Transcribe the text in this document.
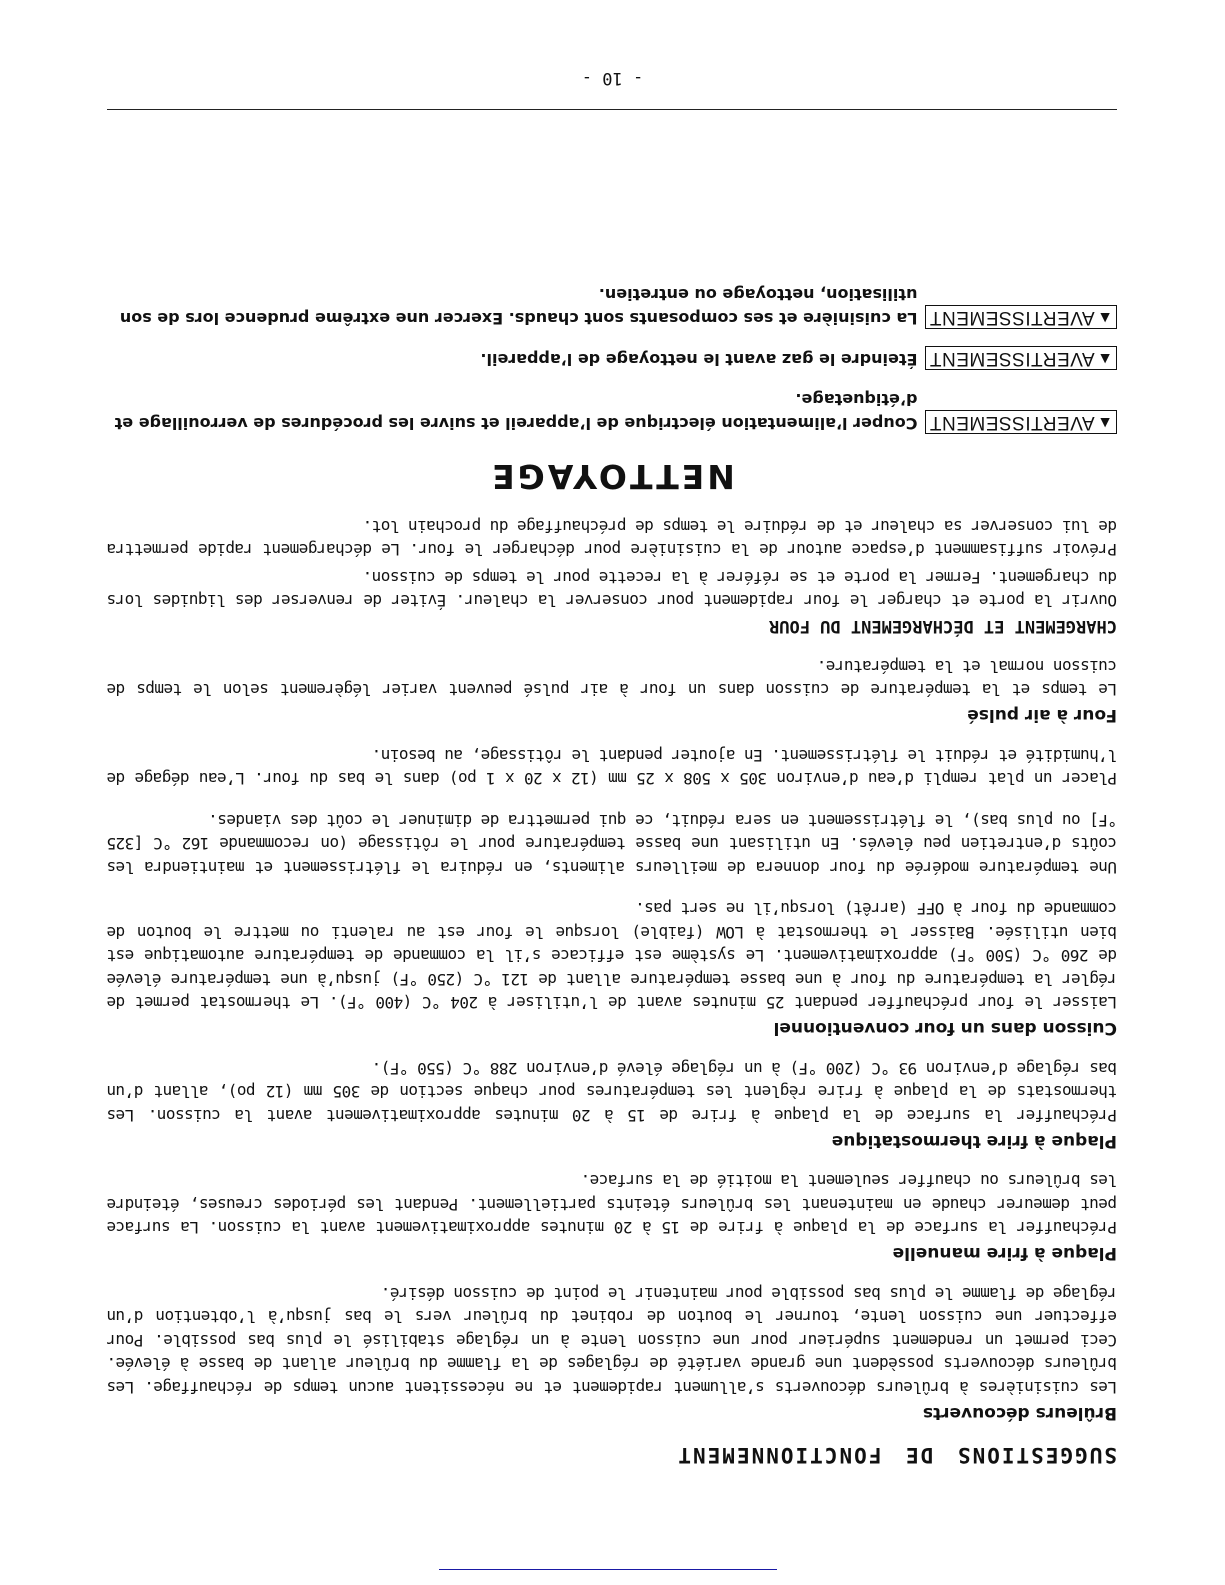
SUGGESTIONS DE FONCTIONNEMENT
Brûleurs découverts
Les cuisinières à brûleurs découverts s’allument rapidement et ne nécessitent aucun temps de réchauffage. Les brûleurs découverts possèdent une grande variété de réglages de la flamme du brûleur allant de basse à élevée. Ceci permet un rendement supérieur pour une cuisson lente à un réglage stabilisé le plus bas possible. Pour effectuer une cuisson lente, tourner le bouton de robinet du brûleur vers le bas jusqu’à l’obtention d’un réglage de flamme le plus bas possible pour maintenir le point de cuisson désiré.
Plaque à frire manuelle
Préchauffer la surface de la plaque à frire de 15 à 20 minutes approximativement avant la cuisson. La surface peut demeurer chaude en maintenant les brûleurs éteints partiellement. Pendant les périodes creuses, éteindre les brûleurs ou chauffer seulement la moitié de la surface.
Plaque à frire thermostatique
Préchauffer la surface de la plaque à frire de 15 à 20 minutes approximativement avant la cuisson. Les thermostats de la plaque à frire règlent les températures pour chaque section de 305 mm (12 po), allant d’un bas réglage d’environ 93 °C (200 °F) à un réglage élevé d’environ 288 °C (550 °F).
Cuisson dans un four conventionnel
Laisser le four préchauffer pendant 25 minutes avant de l’utiliser à 204 °C (400 °F). Le thermostat permet de régler la température du four à une basse température allant de 121 °C (250 °F) jusqu’à une température élevée de 260 °C (500 °F) approximativement. Le système est efficace s’il la commande de température automatique est bien utilisée. Baisser le thermostat à LOW (faible) lorsque le four est au ralenti ou mettre le bouton de commande du four à OFF (arrêt) lorsqu’il ne sert pas.
Une température modérée du four donnera de meilleurs aliments, en réduira le flétrissement et maintiendra les coûts d’entretien peu élevés. En utilisant une basse température pour le rôtissage (on recommande 162 °C [325 °F] ou plus bas), le flétrissement en sera réduit, ce qui permettra de diminuer le coût des viandes.
Placer un plat rempli d’eau d’environ 305 x 508 x 25 mm (12 x 20 x 1 po) dans le bas du four. L’eau dégage de l’humidité et réduit le flétrissement. En ajouter pendant le rôtissage, au besoin.
Four à air pulsé
Le temps et la température de cuisson dans un four à air pulsé peuvent varier légèrement selon le temps de cuisson normal et la température.
CHARGEMENT ET DÉCHARGEMENT DU FOUR
Ouvrir la porte et charger le four rapidement pour conserver la chaleur. Éviter de renverser des liquides lors du chargement. Fermer la porte et se référer à la recette pour le temps de cuisson.
Prévoir suffisamment d’espace autour de la cuisinière pour décharger le four. Le déchargement rapide permettra de lui conserver sa chaleur et de réduire le temps de préchauffage du prochain lot.
NETTOYAGE
▲
AVERTISSEMENT
Couper l’alimentation électrique de l’appareil et suivre les procédures de verrouillage et d’étiquetage.
▲
AVERTISSEMENT
Éteindre le gaz avant le nettoyage de l’appareil.
▲
AVERTISSEMENT
La cuisinière et ses composants sont chauds. Exercer une extrême prudence lors de son utilisation, nettoyage ou entretien.
- 10 -
